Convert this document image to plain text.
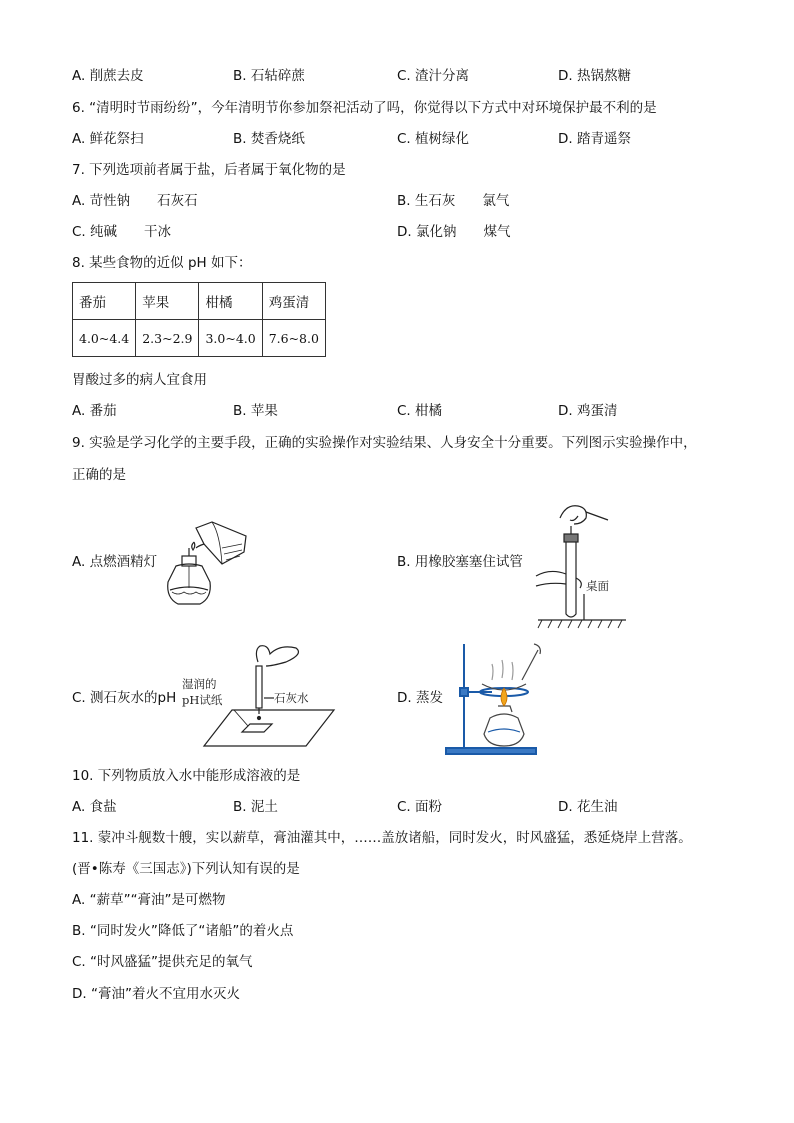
A. 削蔗去皮	B. 石轱碎蔗	C. 渣汁分离	D. 热锅熬糖
6. “清明时节雨纷纷”，今年清明节你参加祭祀活动了吗，你觉得以下方式中对环境保护最不利的是
A. 鲜花祭扫	B. 焚香烧纸	C. 植树绿化	D. 踏青遥祭
7. 下列选项前者属于盐，后者属于氧化物的是
A. 苛性钠　　石灰石	B. 生石灰　　氯气
C. 纯碱　　干冰	D. 氯化钠　　煤气
8. 某些食物的近似 pH 如下：
番茄	苹果	柑橘	鸡蛋清
4.0~4.4	2.3~2.9	3.0~4.0	7.6~8.0
胃酸过多的病人宜食用
A. 番茄	B. 苹果	C. 柑橘	D. 鸡蛋清
9. 实验是学习化学的主要手段，正确的实验操作对实验结果、人身安全十分重要。下列图示实验操作中，
正确的是
A. 点燃酒精灯	B. 用橡胶塞塞住试管
C. 测石灰水的pH	D. 蒸发
桌面
湿润的
pH试纸	石灰水
10. 下列物质放入水中能形成溶液的是
A. 食盐	B. 泥土	C. 面粉	D. 花生油
11. 蒙冲斗舰数十艘，实以薪草，膏油灌其中，……盖放诸船，同时发火，时风盛猛，悉延烧岸上营落。
(晋•陈寿《三国志》)下列认知有误的是
A. “薪草”“膏油”是可燃物
B. “同时发火”降低了“诸船”的着火点
C. “时风盛猛”提供充足的氧气
D. “膏油”着火不宜用水灭火
